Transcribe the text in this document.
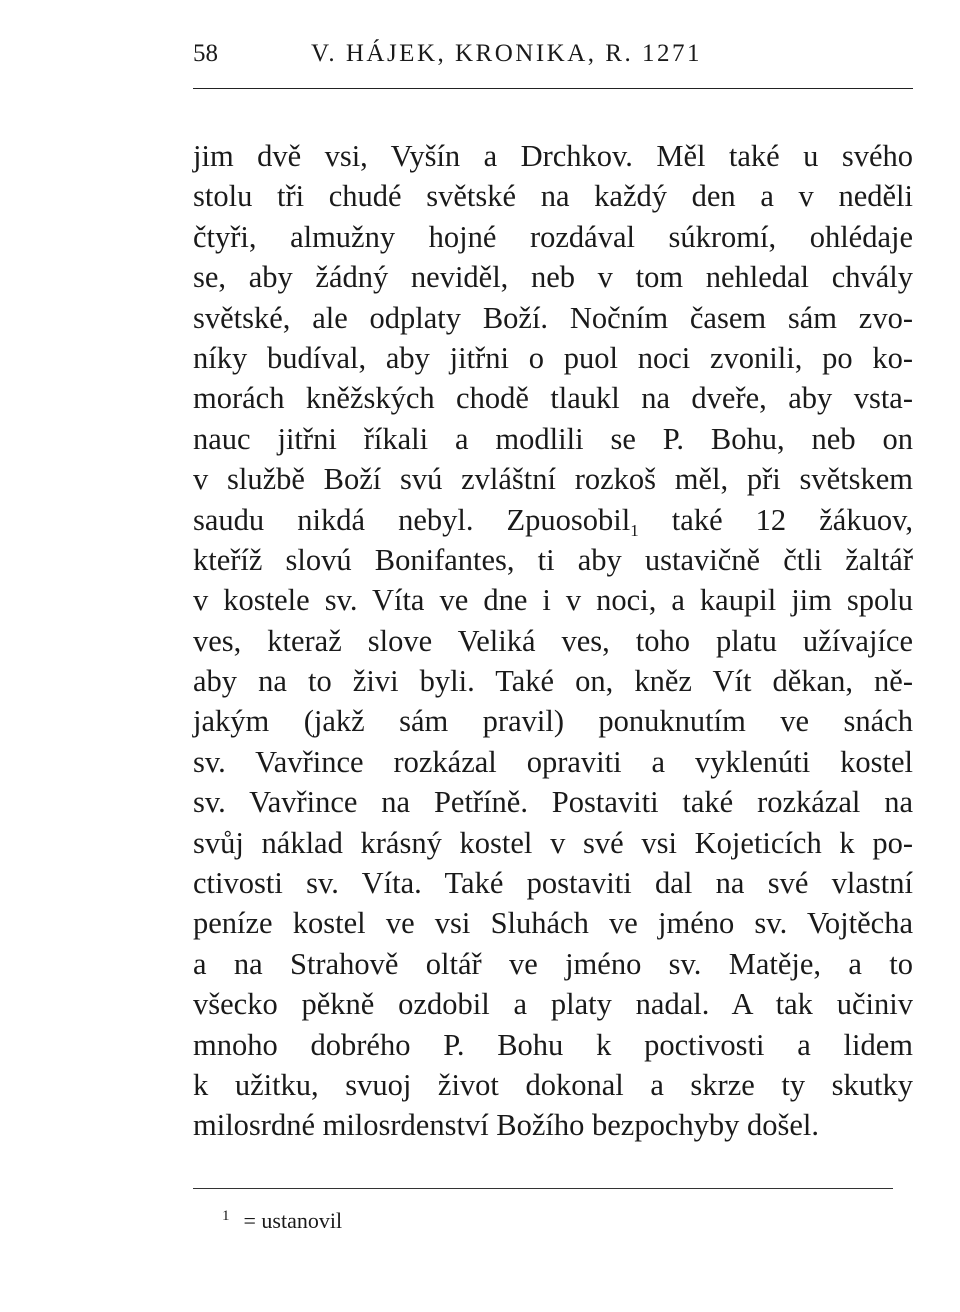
58	V. HÁJEK, KRONIKA, R. 1271
jim dvě vsi, Vyšín a Drchkov. Měl také u svého
stolu tři chudé světské na každý den a v neděli
čtyři, almužny hojné rozdával súkromí, ohlédaje
se, aby žádný neviděl, neb v tom nehledal chvály
světské, ale odplaty Boží. Nočním časem sám zvo-
níky budíval, aby jitřni o puol noci zvonili, po ko-
morách kněžských chodě tlaukl na dveře, aby vsta-
nauc jitřni říkali a modlili se P. Bohu, neb on
v službě Boží svú zvláštní rozkoš měl, při světskem
saudu nikdá nebyl. Zpuosobil1 také 12 žákuov,
kteříž slovú Bonifantes, ti aby ustavičně čtli žaltář
v kostele sv. Víta ve dne i v noci, a kaupil jim spolu
ves, kteraž slove Veliká ves, toho platu užívajíce
aby na to živi byli. Také on, kněz Vít děkan, ně-
jakým (jakž sám pravil) ponuknutím ve snách
sv. Vavřince rozkázal opraviti a vyklenúti kostel
sv. Vavřince na Petříně. Postaviti také rozkázal na
svůj náklad krásný kostel v své vsi Kojeticích k po-
ctivosti sv. Víta. Také postaviti dal na své vlastní
peníze kostel ve vsi Sluhách ve jméno sv. Vojtěcha
a na Strahově oltář ve jméno sv. Matěje, a to
všecko pěkně ozdobil a platy nadal. A tak učiniv
mnoho dobrého P. Bohu k poctivosti a lidem
k užitku, svuoj život dokonal a skrze ty skutky
milosrdné milosrdenství Božího bezpochyby došel.
$^1$ = ustanovil
